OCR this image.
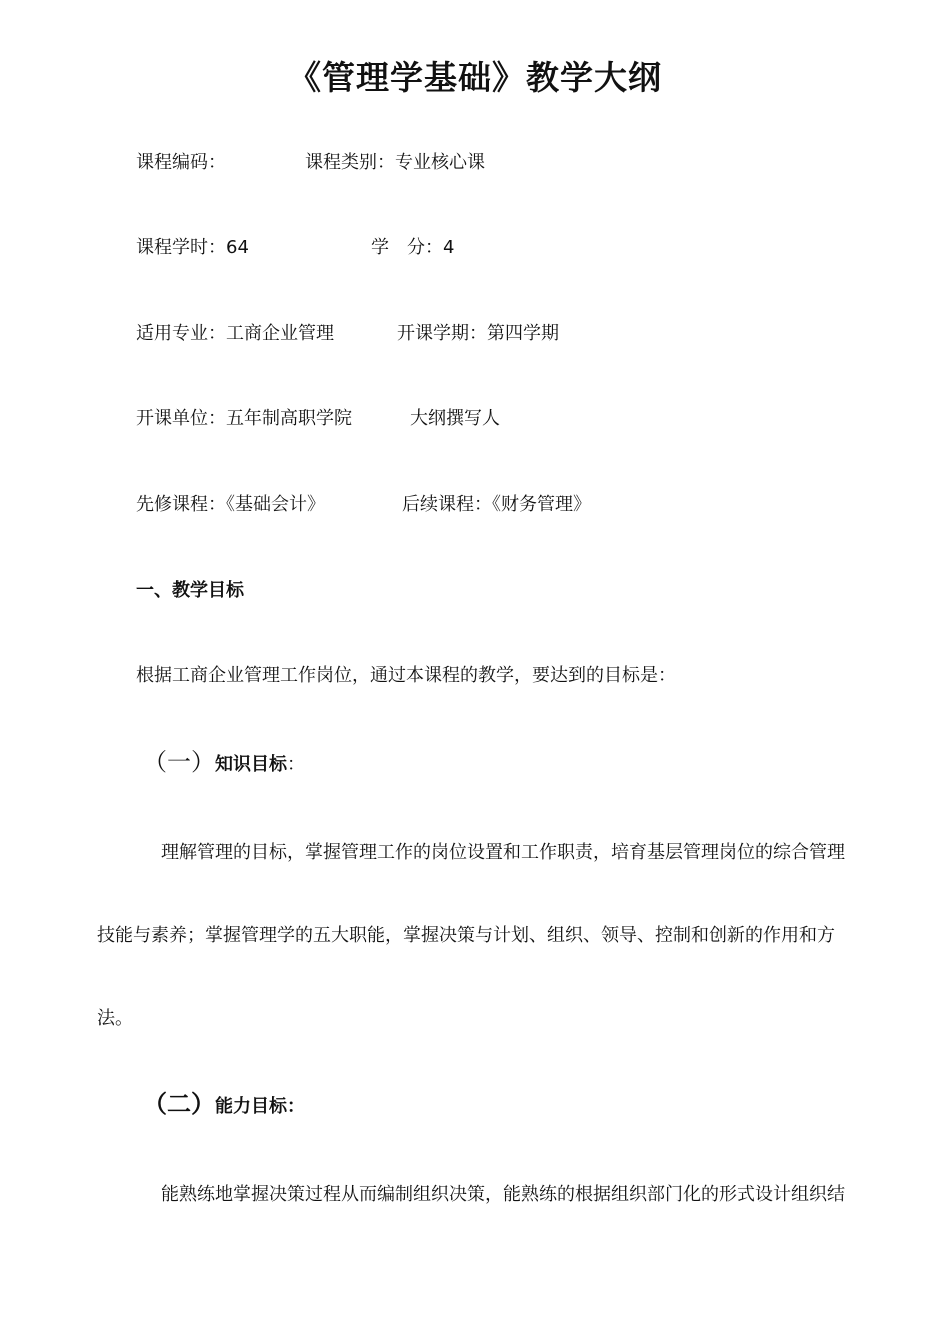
《管理学基础》教学大纲
课程编码：	课程类别：专业核心课
课程学时：64	学　分：4
适用专业：工商企业管理	开课学期：第四学期
开课单位：五年制高职学院	大纲撰写人
先修课程：《基础会计》	后续课程：《财务管理》
一、教学目标
根据工商企业管理工作岗位，通过本课程的教学，要达到的目标是：
（一）知识目标：
理解管理的目标，掌握管理工作的岗位设置和工作职责，培育基层管理岗位的综合管理
技能与素养；掌握管理学的五大职能，掌握决策与计划、组织、领导、控制和创新的作用和方
法。
（二）能力目标：
能熟练地掌握决策过程从而编制组织决策，能熟练的根据组织部门化的形式设计组织结
